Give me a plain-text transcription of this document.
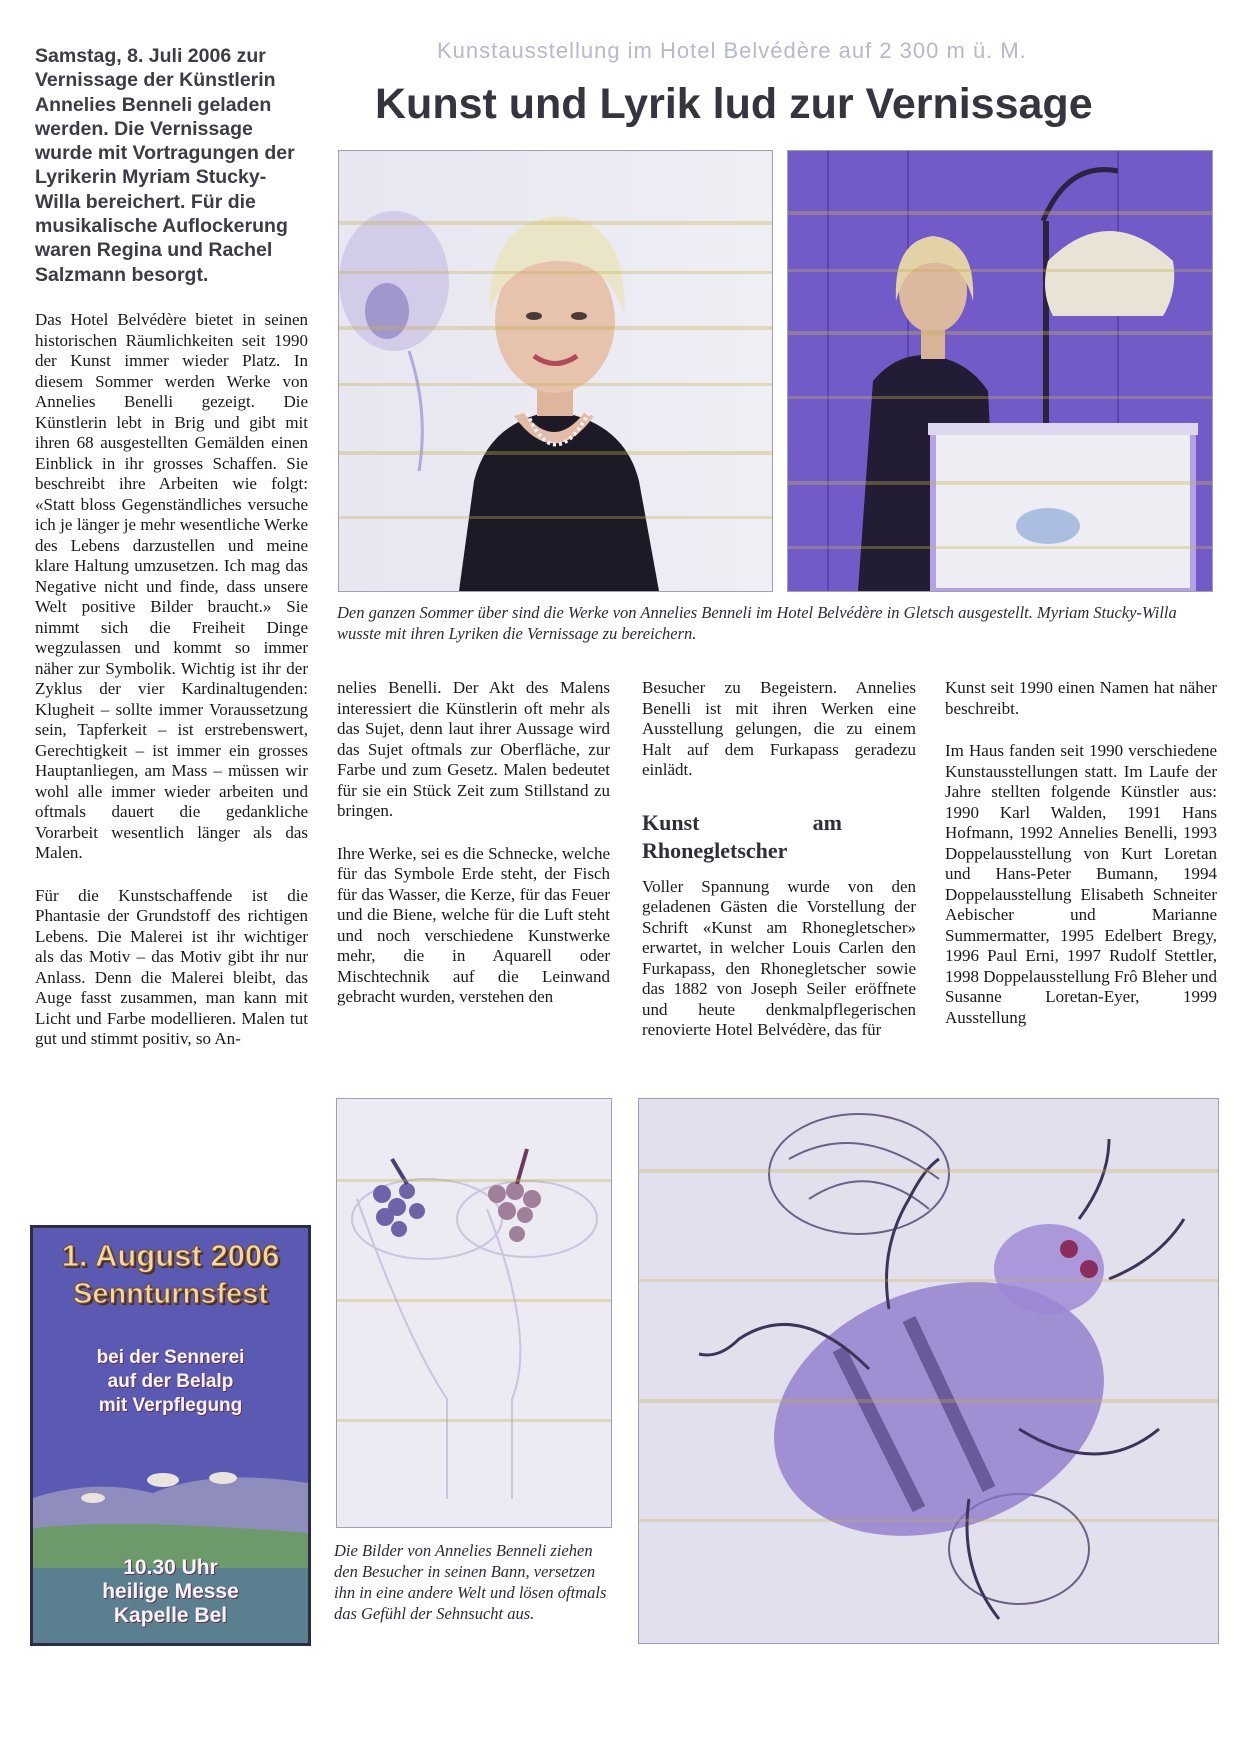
Samstag, 8. Juli 2006 zur Vernissage der Künstlerin Annelies Benneli geladen werden. Die Vernissage wurde mit Vortragungen der Lyrikerin Myriam Stucky-Willa bereichert. Für die musikalische Auflockerung waren Regina und Rachel Salzmann besorgt.
Kunstausstellung im Hotel Belvédère auf 2 300 m ü. M.
Kunst und Lyrik lud zur Vernissage

Das Hotel Belvédère bietet in seinen historischen Räumlichkeiten seit 1990 der Kunst immer wieder Platz. In diesem Sommer werden Werke von Annelies Benelli gezeigt. Die Künstlerin lebt in Brig und gibt mit ihren 68 ausgestellten Gemälden einen Einblick in ihr grosses Schaffen. Sie beschreibt ihre Arbeiten wie folgt: «Statt bloss Gegenständliches versuche ich je länger je mehr wesentliche Werke des Lebens darzustellen und meine klare Haltung umzusetzen. Ich mag das Negative nicht und finde, dass unsere Welt positive Bilder braucht.» Sie nimmt sich die Freiheit Dinge wegzulassen und kommt so immer näher zur Symbolik. Wichtig ist ihr der Zyklus der vier Kardinaltugenden: Klugheit – sollte immer Voraussetzung sein, Tapferkeit – ist erstrebenswert, Gerechtigkeit – ist immer ein grosses Hauptanliegen, am Mass – müssen wir wohl alle immer wieder arbeiten und oftmals dauert die gedankliche Vorarbeit wesentlich länger als das Malen.

Für die Kunstschaffende ist die Phantasie der Grundstoff des richtigen Lebens. Die Malerei ist ihr wichtiger als das Motiv – das Motiv gibt ihr nur Anlass. Denn die Malerei bleibt, das Auge fasst zusammen, man kann mit Licht und Farbe modellieren. Malen tut gut und stimmt positiv, so An-

Den ganzen Sommer über sind die Werke von Annelies Benneli im Hotel Belvédère in Gletsch ausgestellt. Myriam Stucky-Willa wusste mit ihren Lyriken die Vernissage zu bereichern.

nelies Benelli. Der Akt des Malens interessiert die Künstlerin oft mehr als das Sujet, denn laut ihrer Aussage wird das Sujet oftmals zur Oberfläche, zur Farbe und zum Gesetz. Malen bedeutet für sie ein Stück Zeit zum Stillstand zu bringen.

Ihre Werke, sei es die Schnecke, welche für das Symbole Erde steht, der Fisch für das Wasser, die Kerze, für das Feuer und die Biene, welche für die Luft steht und noch verschiedene Kunstwerke mehr, die in Aquarell oder Mischtechnik auf die Leinwand gebracht wurden, verstehen den

Besucher zu Begeistern. Annelies Benelli ist mit ihren Werken eine Ausstellung gelungen, die zu einem Halt auf dem Furkapass geradezu einlädt.

Kunst am Rhonegletscher

Voller Spannung wurde von den geladenen Gästen die Vorstellung der Schrift «Kunst am Rhonegletscher» erwartet, in welcher Louis Carlen den Furkapass, den Rhonegletscher sowie das 1882 von Joseph Seiler eröffnete und heute denkmalpflegerischen renovierte Hotel Belvédère, das für

Kunst seit 1990 einen Namen hat näher beschreibt.

Im Haus fanden seit 1990 verschiedene Kunstausstellungen statt. Im Laufe der Jahre stellten folgende Künstler aus: 1990 Karl Walden, 1991 Hans Hofmann, 1992 Annelies Benelli, 1993 Doppelausstellung von Kurt Loretan und Hans-Peter Bumann, 1994 Doppelausstellung Elisabeth Schneiter Aebischer und Marianne Summermatter, 1995 Edelbert Bregy, 1996 Paul Erni, 1997 Rudolf Stettler, 1998 Doppelausstellung Frô Bleher und Susanne Loretan-Eyer, 1999 Ausstellung

Die Bilder von Annelies Benneli ziehen den Besucher in seinen Bann, versetzen ihn in eine andere Welt und lösen oftmals das Gefühl der Sehnsucht aus.
1. August 2006
Sennturnsfest
bei der Sennerei
auf der Belalp
mit Verpflegung
10.30 Uhr
heilige Messe
Kapelle Bel
